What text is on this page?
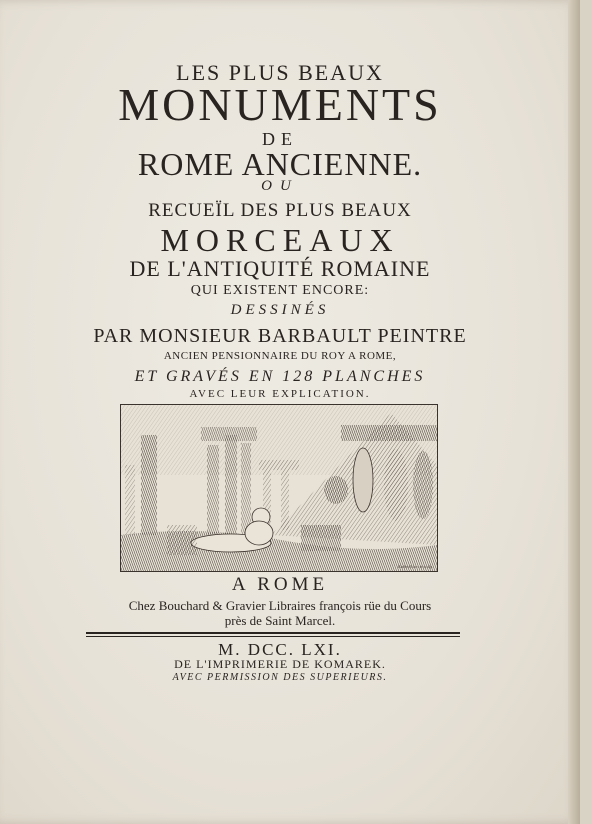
LES PLUS BEAUX
MONUMENTS
DE
ROME ANCIENNE.
OU
RECUEÏL DES PLUS BEAUX
MORCEAUX
DE L'ANTIQUITÉ ROMAINE
QUI EXISTENT ENCORE:
DESSINÉS
PAR MONSIEUR BARBAULT PEINTRE
ANCIEN PENSIONNAIRE DU ROY A ROME,
ET GRAVÉS EN 128 PLANCHES
AVEC LEUR EXPLICATION.
Barbault inv. et sculp.
A ROME
Chez Bouchard & Gravier Libraires françois rüe du Cours
près de Saint Marcel.
M. DCC. LXI.
DE L'IMPRIMERIE DE KOMAREK.
AVEC PERMISSION DES SUPERIEURS.
